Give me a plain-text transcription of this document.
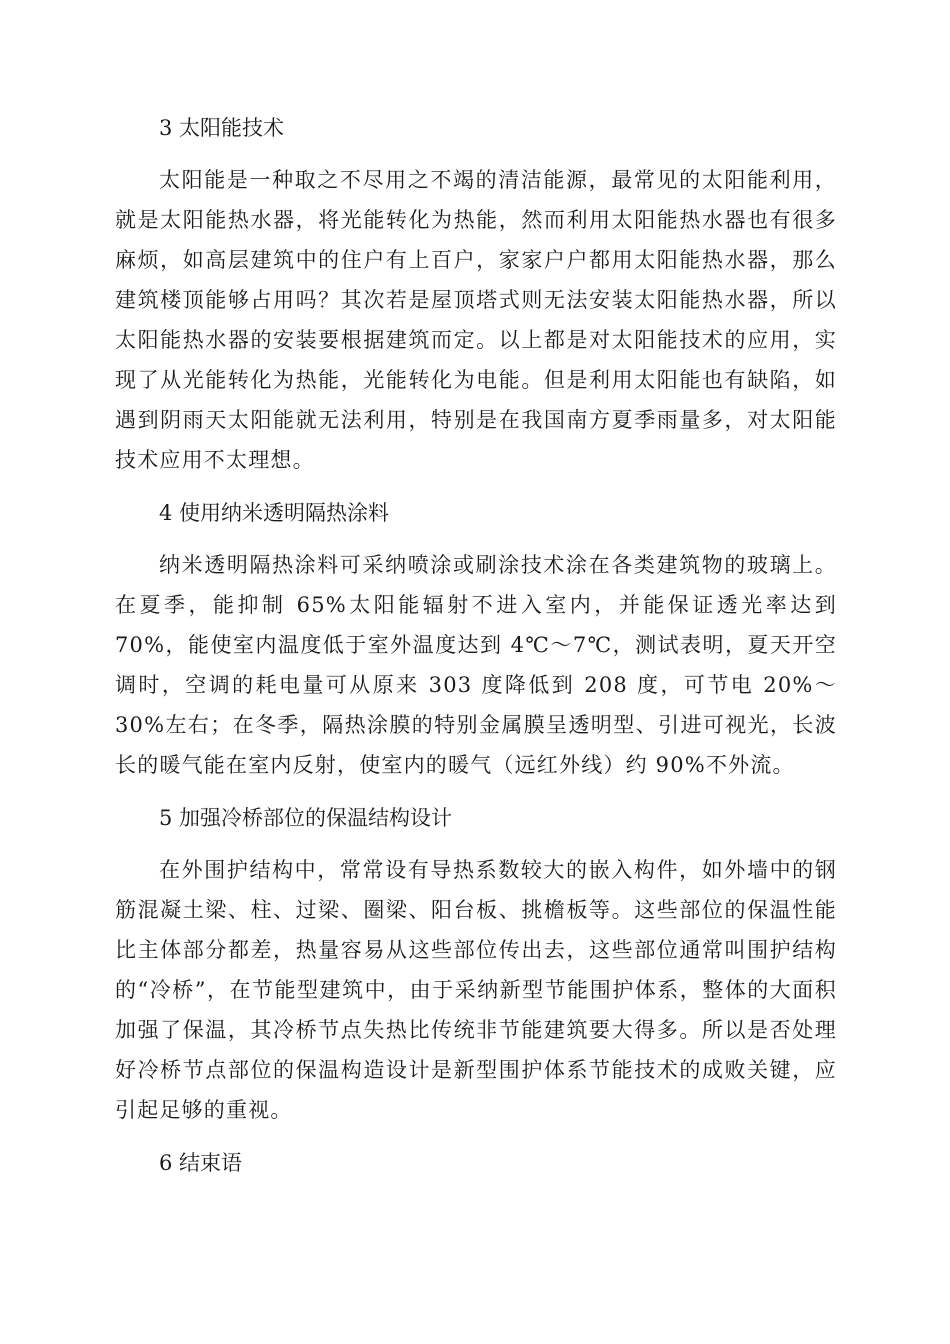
3 太阳能技术

太阳能是一种取之不尽用之不竭的清洁能源，最常见的太阳能利用，就是太阳能热水器，将光能转化为热能，然而利用太阳能热水器也有很多麻烦，如高层建筑中的住户有上百户，家家户户都用太阳能热水器，那么建筑楼顶能够占用吗？其次若是屋顶塔式则无法安装太阳能热水器，所以太阳能热水器的安装要根据建筑而定。以上都是对太阳能技术的应用，实现了从光能转化为热能，光能转化为电能。但是利用太阳能也有缺陷，如遇到阴雨天太阳能就无法利用，特别是在我国南方夏季雨量多，对太阳能技术应用不太理想。

4 使用纳米透明隔热涂料

纳米透明隔热涂料可采纳喷涂或刷涂技术涂在各类建筑物的玻璃上。在夏季，能抑制 65%太阳能辐射不进入室内，并能保证透光率达到 70%，能使室内温度低于室外温度达到 4℃～7℃，测试表明，夏天开空调时，空调的耗电量可从原来 303 度降低到 208 度，可节电 20%～30%左右；在冬季，隔热涂膜的特别金属膜呈透明型、引进可视光，长波长的暖气能在室内反射，使室内的暖气（远红外线）约 90%不外流。

5 加强冷桥部位的保温结构设计

在外围护结构中，常常设有导热系数较大的嵌入构件，如外墙中的钢筋混凝土梁、柱、过梁、圈梁、阳台板、挑檐板等。这些部位的保温性能比主体部分都差，热量容易从这些部位传出去，这些部位通常叫围护结构的“冷桥”，在节能型建筑中，由于采纳新型节能围护体系，整体的大面积加强了保温，其冷桥节点失热比传统非节能建筑要大得多。所以是否处理好冷桥节点部位的保温构造设计是新型围护体系节能技术的成败关键，应引起足够的重视。

6 结束语
